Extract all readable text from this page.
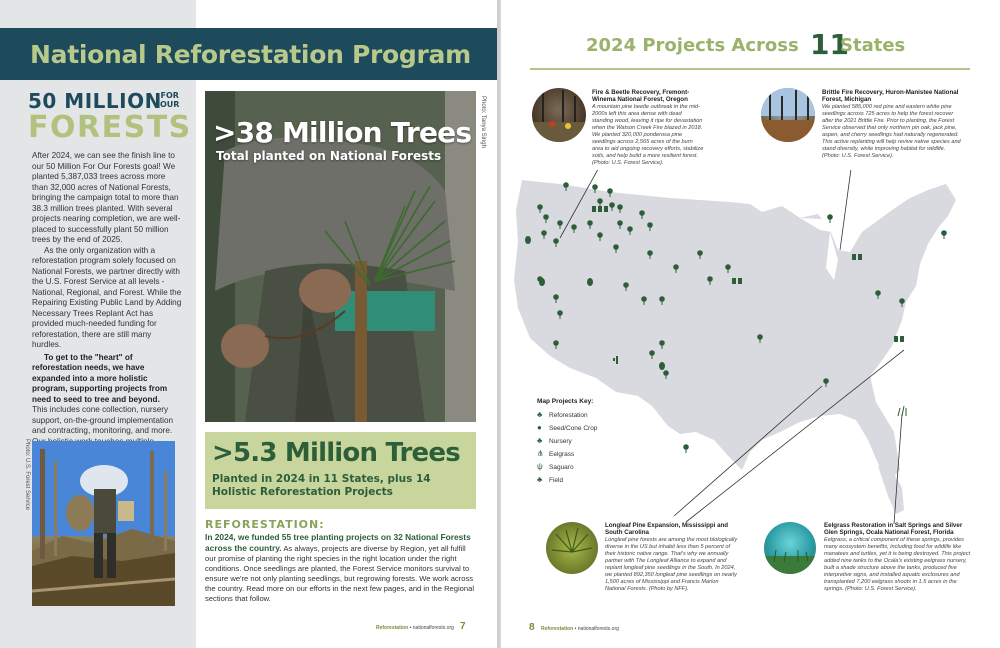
National Reforestation Program
50 MILLION
FOR
OUR
FORESTS

After 2024, we can see the finish line to our 50 Million For Our Forests goal! We planted 5,387,033 trees across more than 32,000 acres of National Forests, bringing the campaign total to more than 38.3 million trees planted. With several projects nearing completion, we are well-placed to successfully plant 50 million trees by the end of 2025.

As the only organization with a reforestation program solely focused on National Forests, we partner directly with the U.S. Forest Service at all levels - National, Regional, and Forest. While the Repairing Existing Public Land by Adding Necessary Trees Replant Act has provided much-needed funding for reforestation, there are still many hurdles.

To get to the "heart" of reforestation needs, we have expanded into a more holistic program, supporting projects from need to seed to tree and beyond.

This includes cone collection, nursery support, on-the-ground implementation and contracting, monitoring, and more.

Photo: U.S. Forest Service
Photo: Tanya Singh
>38 Million Trees
Total planted on National Forests
>5.3 Million Trees
Planted in 2024 in 11 States, plus 14 Holistic Reforestation Projects
REFORESTATION:
In 2024, we funded 55 tree planting projects on 32 National Forests across the country. As always, projects are diverse by Region, yet all fulfill our promise of planting the right species in the right location under the right conditions. Once seedlings are planted, the Forest Service monitors survival to ensure we're not only planting seedlings, but regrowing forests. We work across the country. Read more on our efforts in the next few pages, and in the Regional sections that follow.
Reforestation • nationalforests.org 7
2024 Projects Across 11
States
Map Projects Key:
♣ Reforestation
● Seed/Cone Crop
♣ Nursery
⋔ Eelgrass
ψ Saguaro
♣ Field
Fire & Beetle Recovery, Fremont-Winema National Forest, Oregon
A mountain pine beetle outbreak in the mid-2000s left this area dense with dead standing wood, leaving it ripe for devastation when the Watson Creek Fire blazed in 2018. We planted 320,000 ponderosa pine seedlings across 2,565 acres of the burn area to aid ongoing recovery efforts, stabilize soils, and help build a more resilient forest. (Photo: U.S. Forest Service).
Brittle Fire Recovery, Huron-Manistee National Forest, Michigan
We planted 585,000 red pine and eastern white pine seedlings across 725 acres to help the forest recover after the 2021 Brittle Fire. Prior to planting, the Forest Service observed that only northern pin oak, jack pine, aspen, and cherry seedlings had naturally regenerated. This active replanting will help revive native species and stand diversity, while improving habitat for wildlife. (Photo: U.S. Forest Service).
Longleaf Pine Expansion, Mississippi and South Carolina
Longleaf pine forests are among the most biologically diverse in the US but inhabit less than 5 percent of their historic native range. That's why we annually partner with The Longleaf Alliance to expand and replant longleaf pine seedlings in the South. In 2024, we planted 892,350 longleaf pine seedlings on nearly 1,500 acres of Mississippi and Francis Marion National Forests. (Photo by NFF).
Eelgrass Restoration in Salt Springs and Silver Glen Springs, Ocala National Forest, Florida
Eelgrass, a critical component of these springs, provides many ecosystem benefits, including food for wildlife like manatees and turtles, yet it is being destroyed. This project added nine tanks to the Ocala's existing eelgrass nursery, built a shade structure above the tanks, produced five interpretive signs, and installed aquatic exclosures and transplanted 7,200 eelgrass shoots in 1.5 acres in the springs. (Photo: U.S. Forest Service).
8 Reforestation • nationalforests.org
